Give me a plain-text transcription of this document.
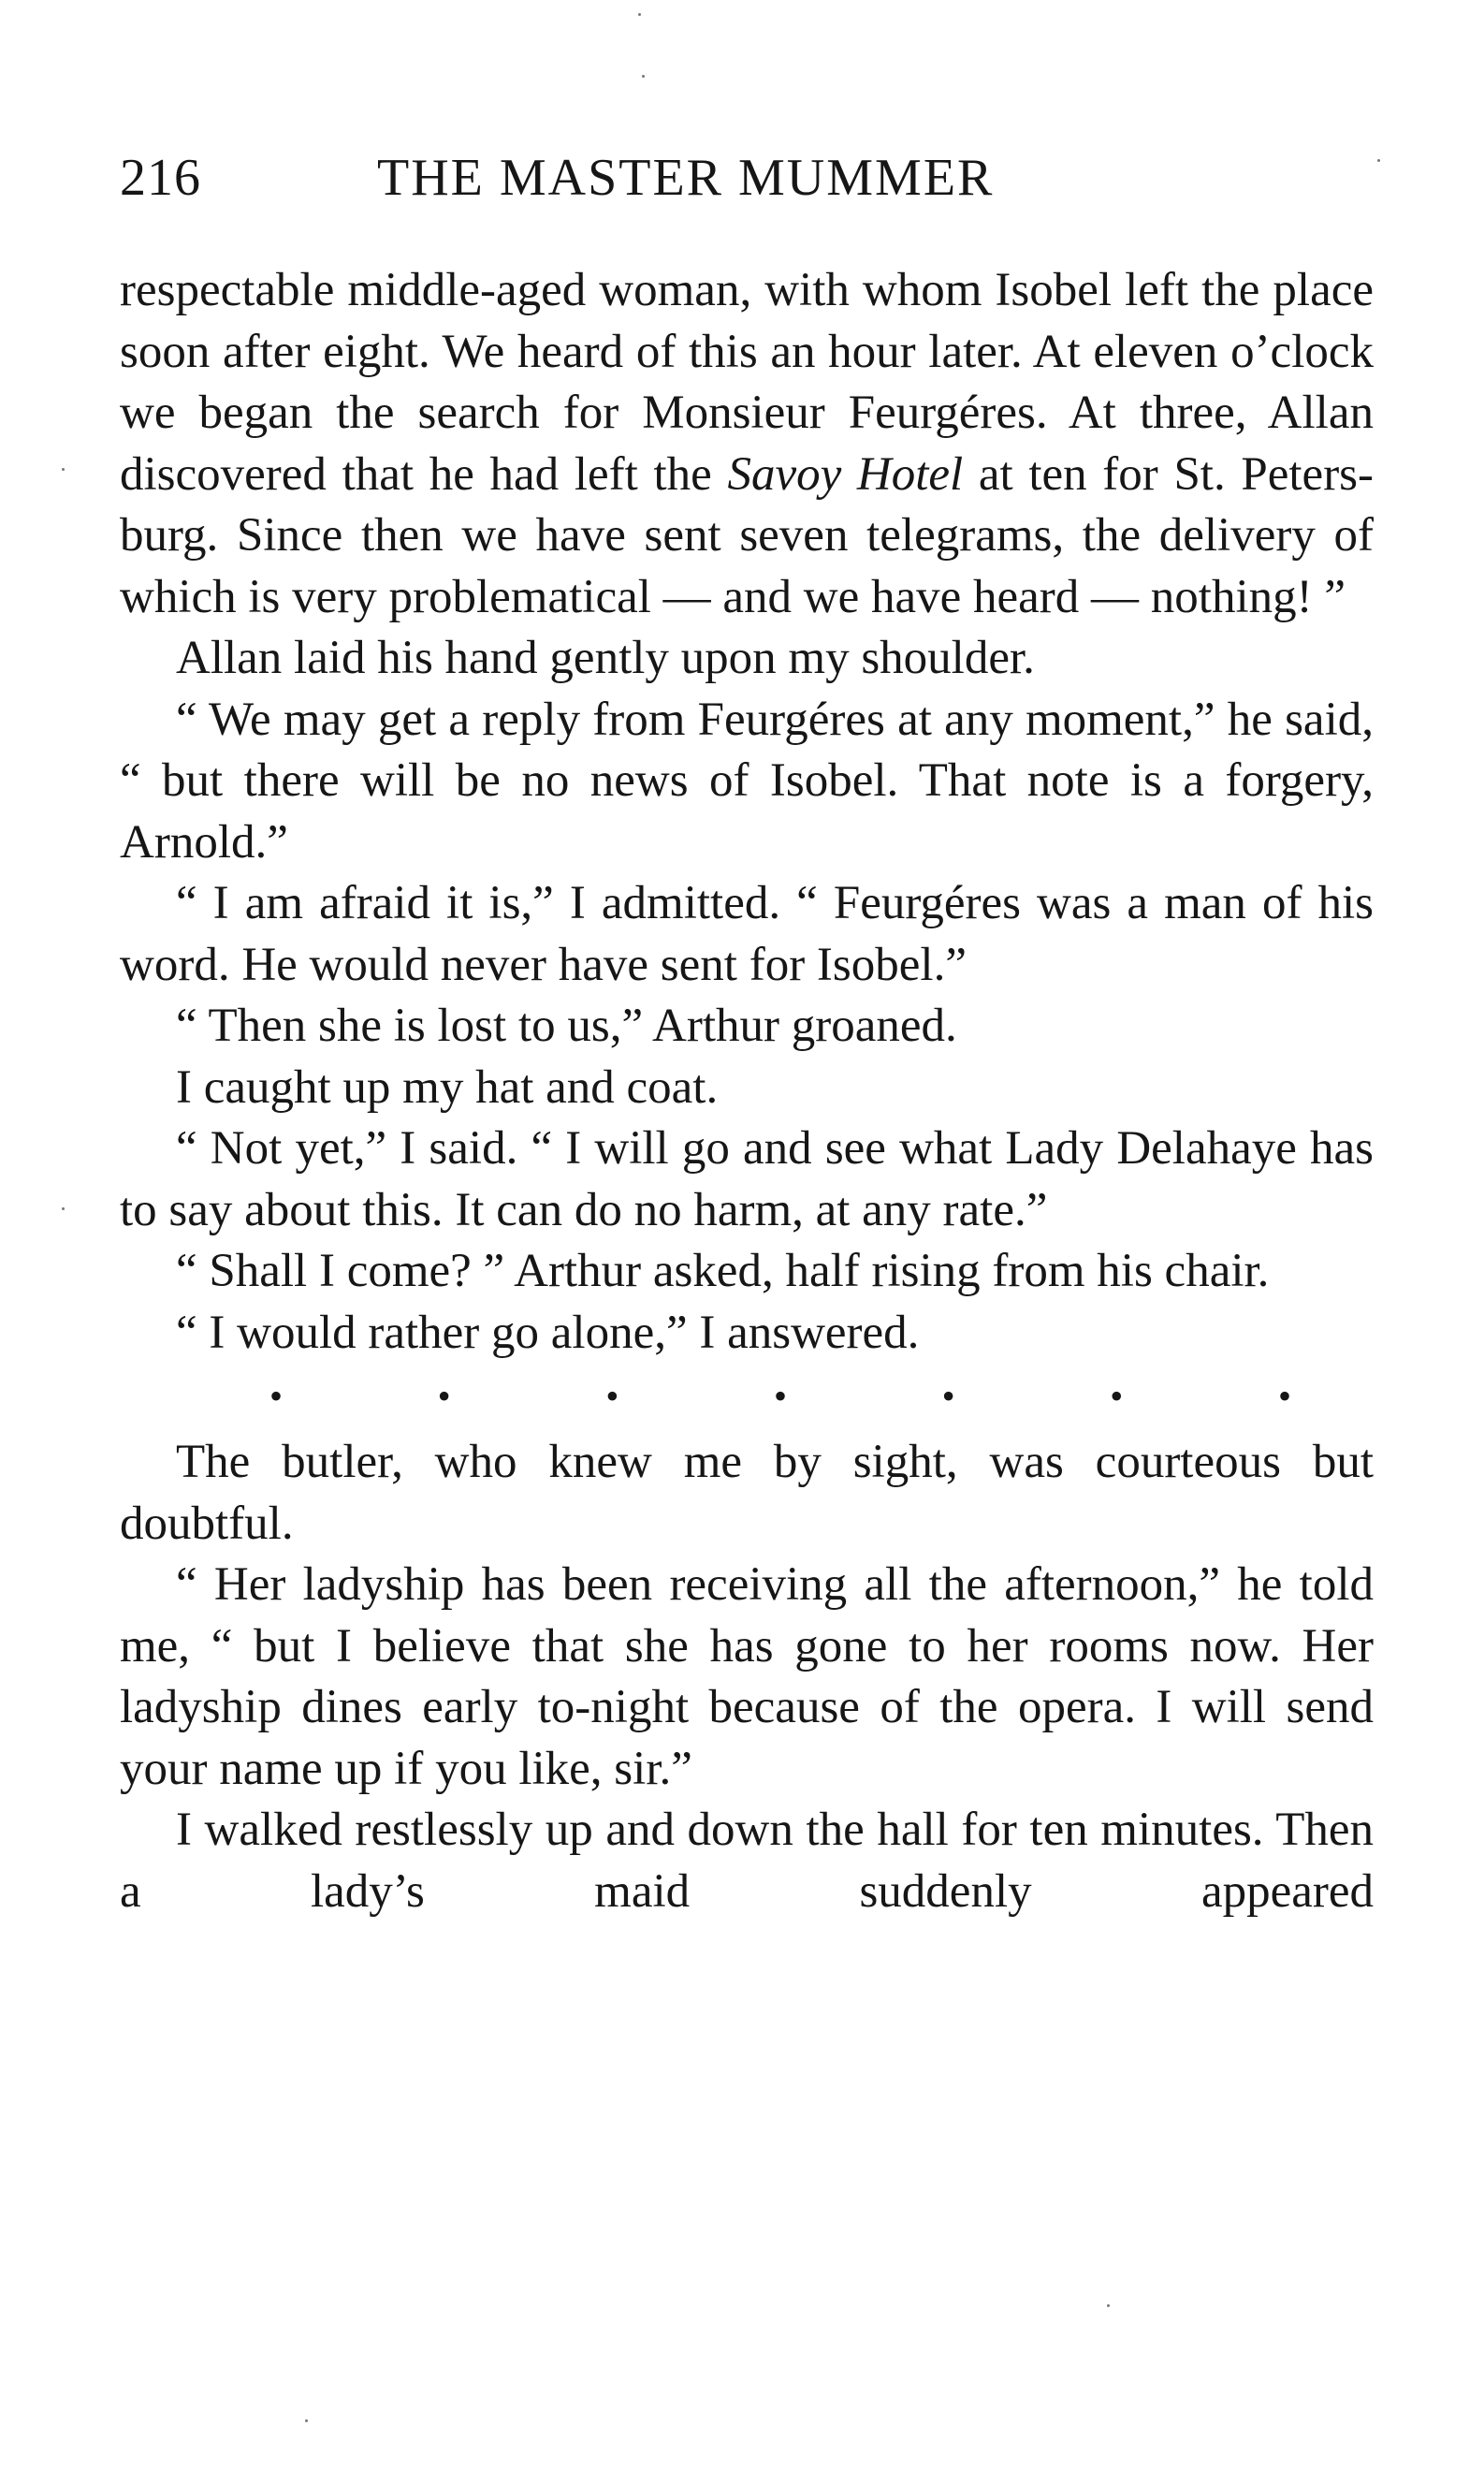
216	THE MASTER MUMMER

respectable middle-aged woman, with whom Isobel left the place soon after eight. We heard of this an hour later. At eleven o’clock we began the search for Monsieur Feurgéres. At three, Allan discovered that he had left the Savoy Hotel at ten for St. Petersburg. Since then we have sent seven telegrams, the delivery of which is very problematical — and we have heard — nothing! ”

Allan laid his hand gently upon my shoulder.

“ We may get a reply from Feurgéres at any moment,” he said, “ but there will be no news of Isobel. That note is a forgery, Arnold.”

“ I am afraid it is,” I admitted. “ Feurgéres was a man of his word. He would never have sent for Isobel.”

“ Then she is lost to us,” Arthur groaned.

I caught up my hat and coat.

“ Not yet,” I said. “ I will go and see what Lady Delahaye has to say about this. It can do no harm, at any rate.”

“ Shall I come? ” Arthur asked, half rising from his chair.

“ I would rather go alone,” I answered.

•	•	•	•	•	•	•

The butler, who knew me by sight, was courteous but doubtful.

“ Her ladyship has been receiving all the afternoon,” he told me, “ but I believe that she has gone to her rooms now. Her ladyship dines early to-night because of the opera. I will send your name up if you like, sir.”

I walked restlessly up and down the hall for ten minutes. Then a lady’s maid suddenly appeared
